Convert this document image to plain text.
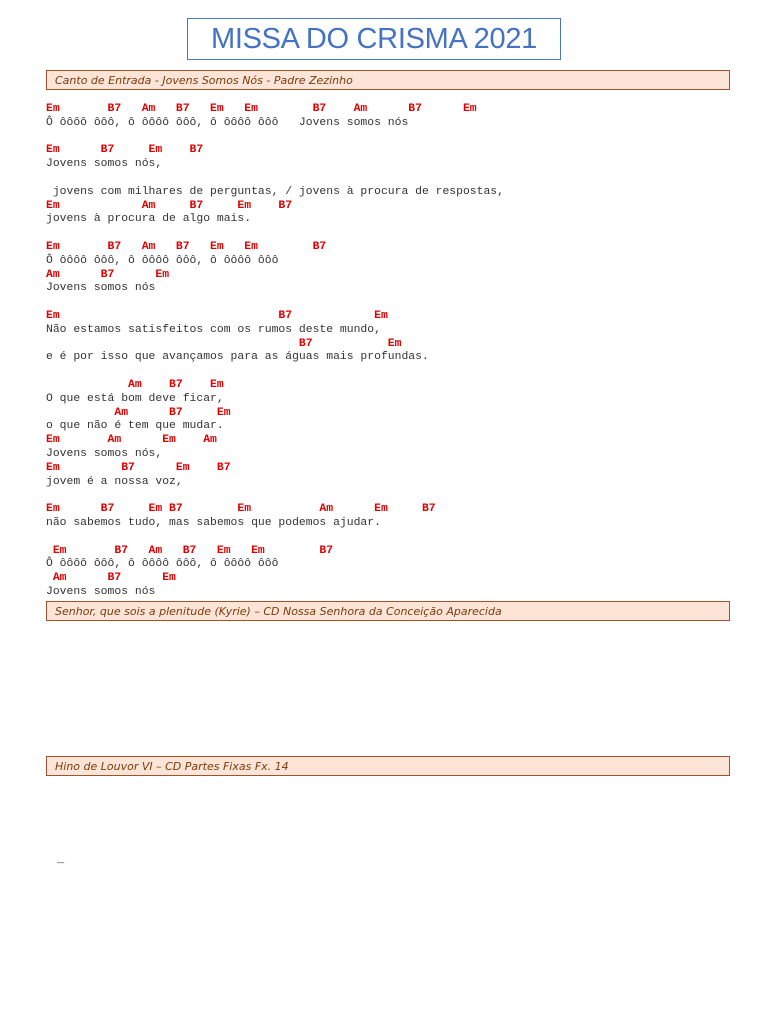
MISSA DO CRISMA 2021
Canto de Entrada - Jovens Somos Nós - Padre Zezinho
Em       B7   Am   B7   Em   Em        B7    Am      B7      Em
Ô ôôôô ôôô, ô ôôôô ôôô, ô ôôôô ôôô   Jovens somos nós
Em      B7     Em    B7
Jovens somos nós,
jovens com milhares de perguntas, / jovens à procura de respostas,
Em            Am     B7     Em    B7
jovens à procura de algo mais.
Em       B7   Am   B7   Em   Em        B7
Ô ôôôô ôôô, ô ôôôô ôôô, ô ôôôô ôôô
Am      B7      Em
Jovens somos nós
Em                                B7            Em
Não estamos satisfeitos com os rumos deste mundo,
B7           Em
e é por isso que avançamos para as águas mais profundas.
Am    B7    Em
O que está bom deve ficar,
Am      B7     Em
o que não é tem que mudar.
Em       Am      Em    Am
Jovens somos nós,
Em         B7      Em    B7
jovem é a nossa voz,
Em      B7     Em B7        Em          Am      Em     B7
não sabemos tudo, mas sabemos que podemos ajudar.
Em       B7   Am   B7   Em   Em        B7
Ô ôôôô ôôô, ô ôôôô ôôô, ô ôôôô ôôô
Am      B7      Em
Jovens somos nós
Senhor, que sois a plenitude (Kyrie) – CD Nossa Senhora da Conceição Aparecida
Hino de Louvor VI – CD Partes Fixas Fx. 14
_
